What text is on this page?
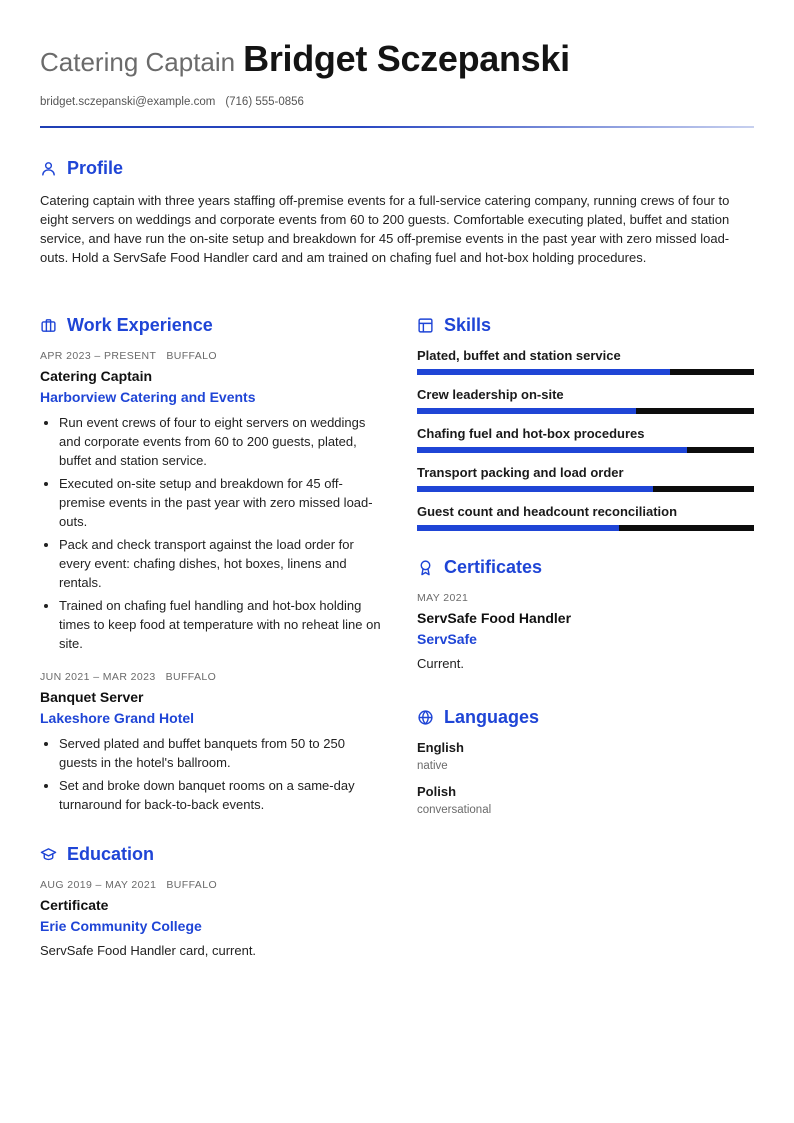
Catering Captain Bridget Sczepanski
bridget.sczepanski@example.com (716) 555-0856
Profile
Catering captain with three years staffing off-premise events for a full-service catering company, running crews of four to eight servers on weddings and corporate events from 60 to 200 guests. Comfortable executing plated, buffet and station service, and have run the on-site setup and breakdown for 45 off-premise events in the past year with zero missed load-outs. Hold a ServSafe Food Handler card and am trained on chafing fuel and hot-box holding procedures.
Work Experience
APR 2023 – PRESENT BUFFALO
Catering Captain
Harborview Catering and Events
• Run event crews of four to eight servers on weddings and corporate events from 60 to 200 guests, plated, buffet and station service.
• Executed on-site setup and breakdown for 45 off-premise events in the past year with zero missed load-outs.
• Pack and check transport against the load order for every event: chafing dishes, hot boxes, linens and rentals.
• Trained on chafing fuel handling and hot-box holding times to keep food at temperature with no reheat line on site.
JUN 2021 – MAR 2023 BUFFALO
Banquet Server
Lakeshore Grand Hotel
• Served plated and buffet banquets from 50 to 250 guests in the hotel's ballroom.
• Set and broke down banquet rooms on a same-day turnaround for back-to-back events.
Education
AUG 2019 – MAY 2021 BUFFALO
Certificate
Erie Community College
ServSafe Food Handler card, current.
Skills
Plated, buffet and station service
Crew leadership on-site
Chafing fuel and hot-box procedures
Transport packing and load order
Guest count and headcount reconciliation
Certificates
MAY 2021
ServSafe Food Handler
ServSafe
Current.
Languages
English
native
Polish
conversational
